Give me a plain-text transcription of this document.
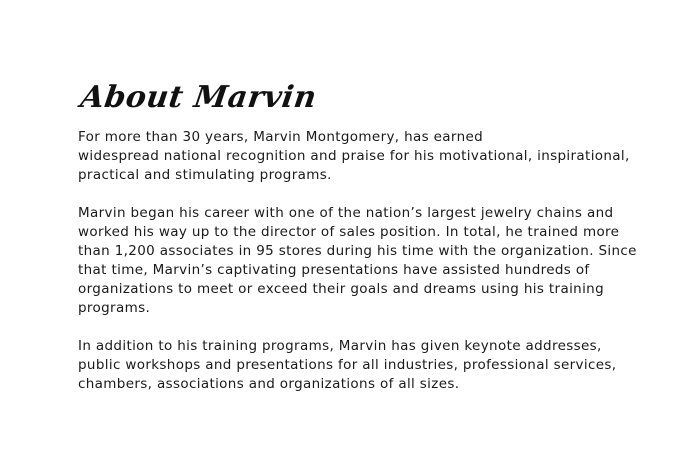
About Marvin

For more than 30 years, Marvin Montgomery, has earned
widespread national recognition and praise for his motivational, inspirational,
practical and stimulating programs.

Marvin began his career with one of the nation’s largest jewelry chains and
worked his way up to the director of sales position. In total, he trained more
than 1,200 associates in 95 stores during his time with the organization. Since
that time, Marvin’s captivating presentations have assisted hundreds of
organizations to meet or exceed their goals and dreams using his training
programs.

In addition to his training programs, Marvin has given keynote addresses,
public workshops and presentations for all industries, professional services,
chambers, associations and organizations of all sizes.
